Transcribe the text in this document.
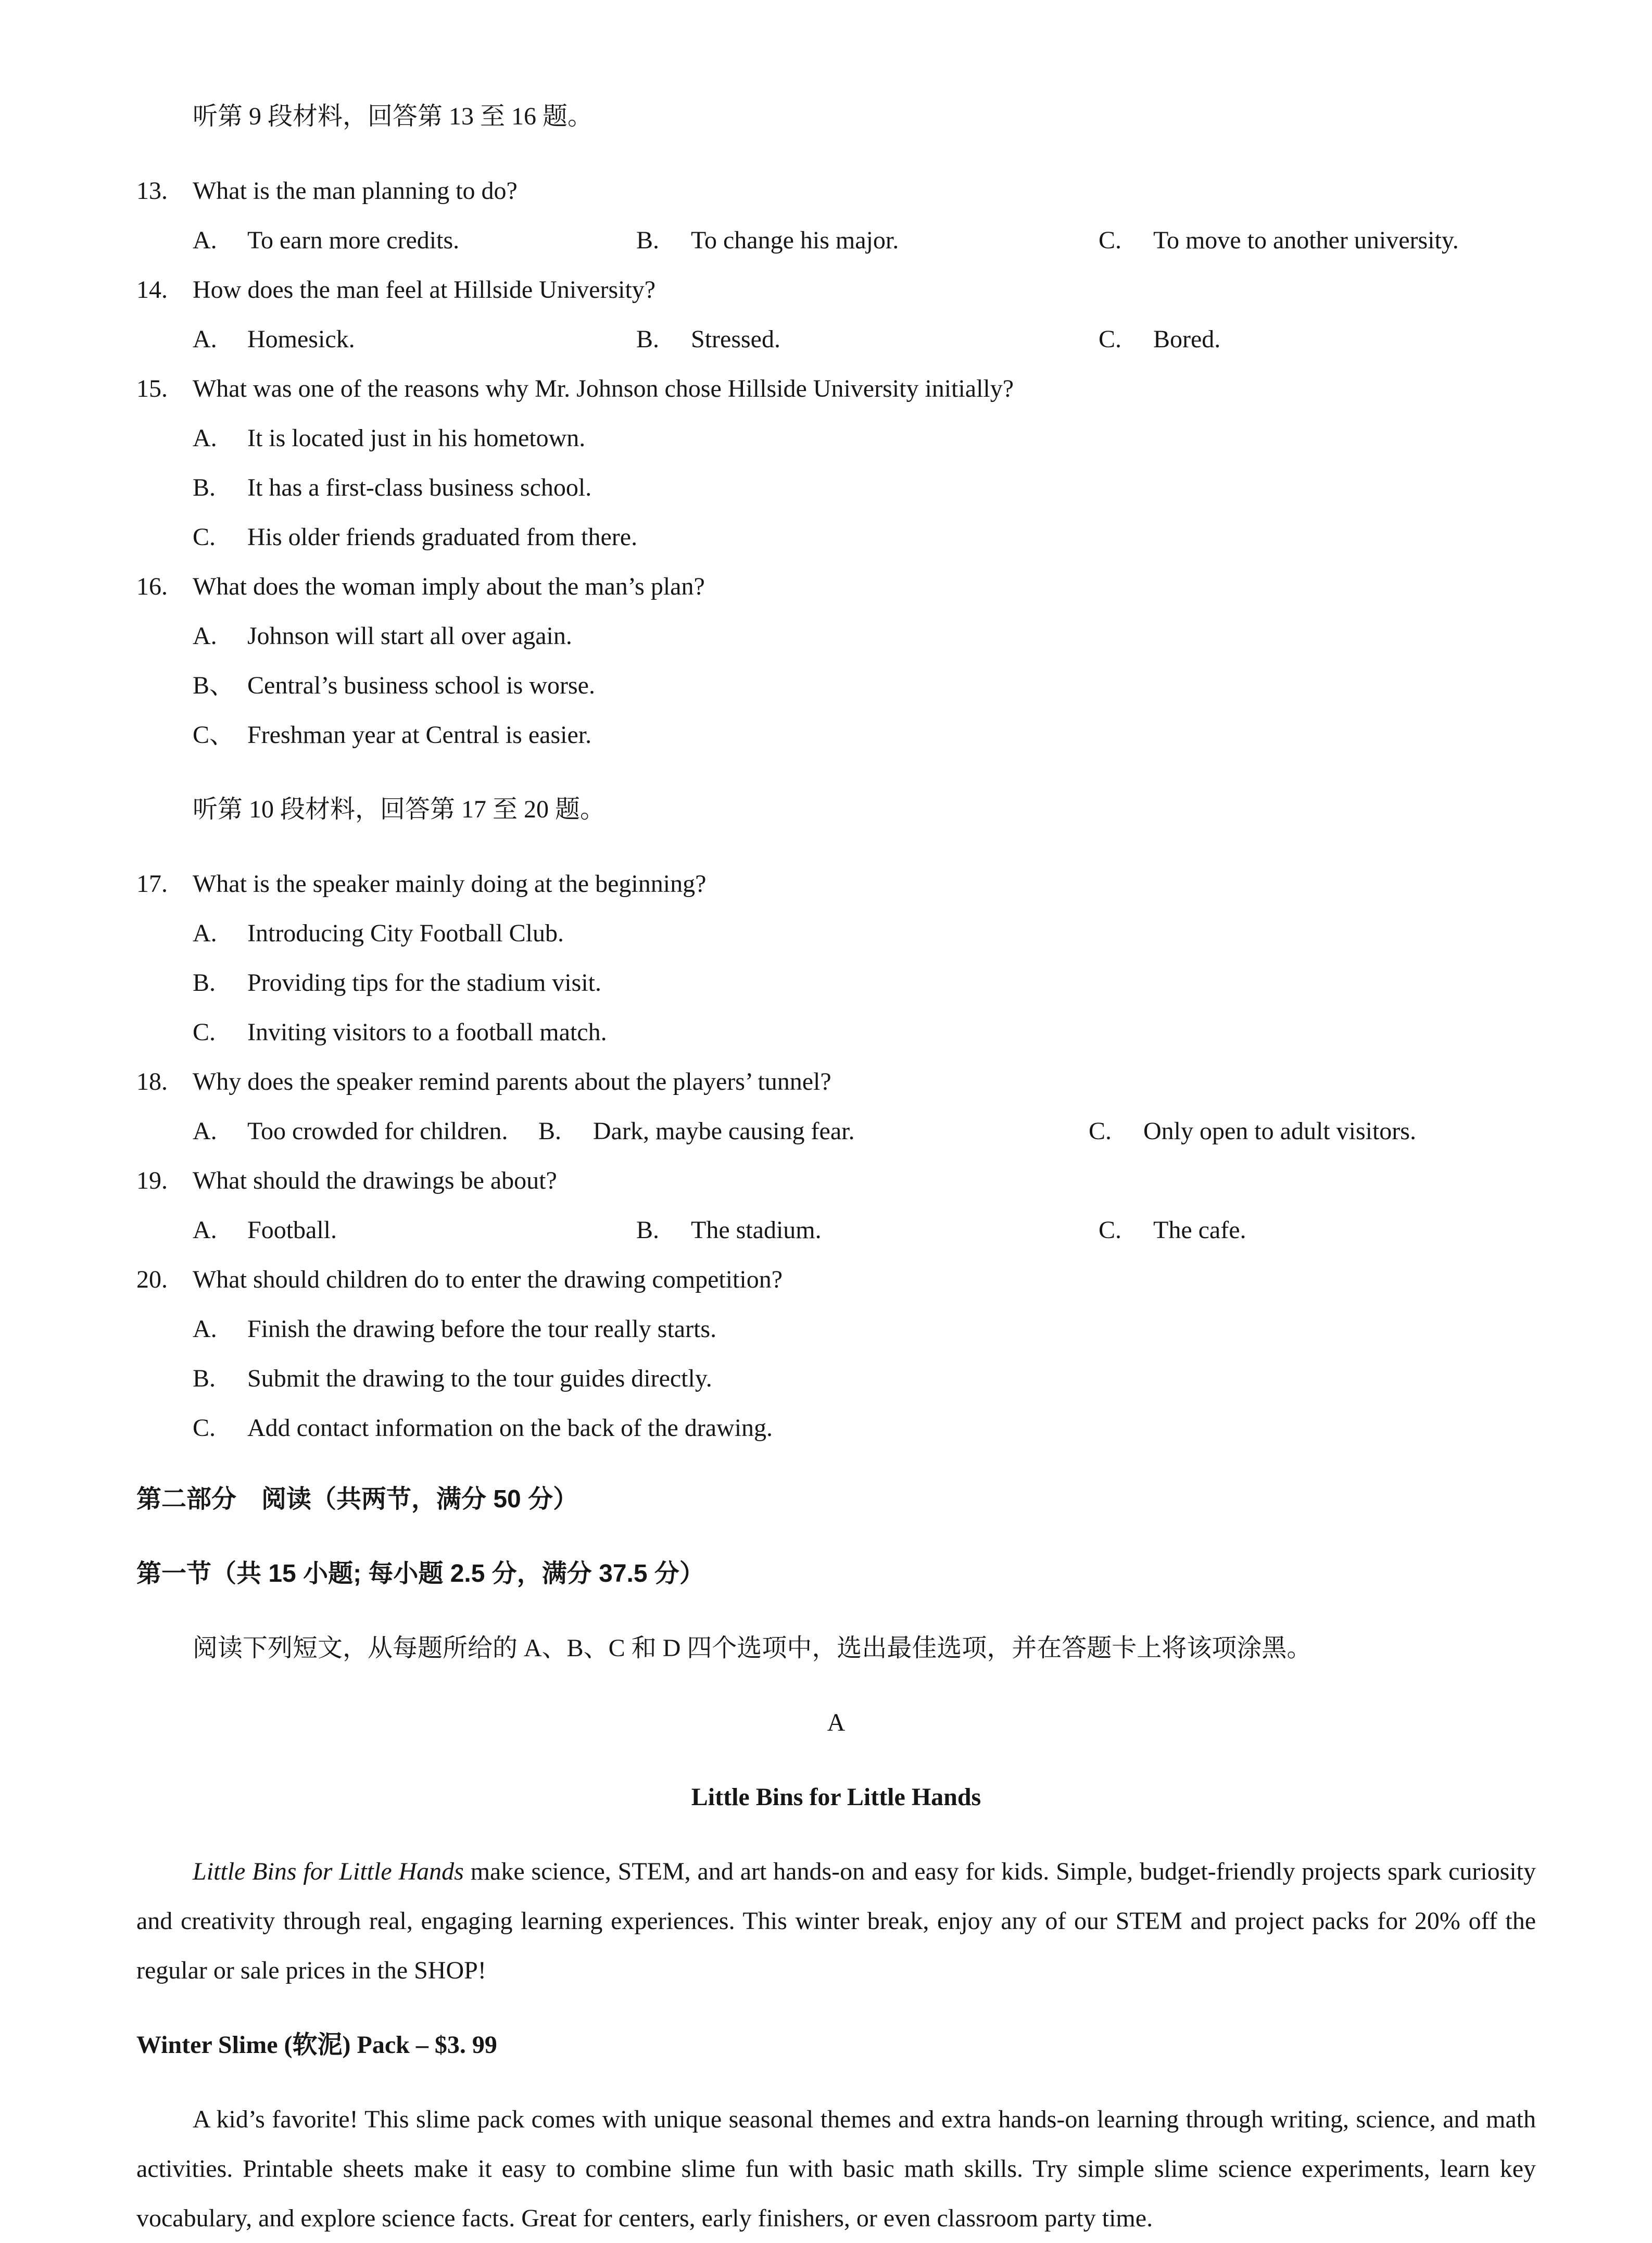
听第 9 段材料，回答第 13 至 16 题。

13.	What is the man planning to do?
A.	To earn more credits.	B.	To change his major.	C.	To move to another university.
14.	How does the man feel at Hillside University?
A.	Homesick.	B.	Stressed.	C.	Bored.
15.	What was one of the reasons why Mr. Johnson chose Hillside University initially?
A.	It is located just in his hometown.
B.	It has a first-class business school.
C.	His older friends graduated from there.
16.	What does the woman imply about the man’s plan?
A.	Johnson will start all over again.
B、 Central’s business school is worse.
C、 Freshman year at Central is easier.

听第 10 段材料，回答第 17 至 20 题。

17.	What is the speaker mainly doing at the beginning?
A.	Introducing City Football Club.
B.	Providing tips for the stadium visit.
C.	Inviting visitors to a football match.
18.	Why does the speaker remind parents about the players’ tunnel?
A.	Too crowded for children.	B.	Dark, maybe causing fear.	C.	Only open to adult visitors.
19.	What should the drawings be about?
A.	Football.	B.	The stadium.	C.	The cafe.
20.	What should children do to enter the drawing competition?
A.	Finish the drawing before the tour really starts.
B.	Submit the drawing to the tour guides directly.
C.	Add contact information on the back of the drawing.

第二部分　阅读（共两节，满分 50 分）

第一节（共 15 小题; 每小题 2.5 分，满分 37.5 分）

阅读下列短文，从每题所给的 A、B、C 和 D 四个选项中，选出最佳选项，并在答题卡上将该项涂黑。

A

Little Bins for Little Hands

Little Bins for Little Hands make science, STEM, and art hands-on and easy for kids. Simple, budget-friendly projects spark curiosity and creativity through real, engaging learning experiences. This winter break, enjoy any of our STEM and project packs for 20% off the regular or sale prices in the SHOP!

Winter Slime (软泥) Pack – $3. 99

A kid’s favorite! This slime pack comes with unique seasonal themes and extra hands-on learning through writing, science, and math activities. Printable sheets make it easy to combine slime fun with basic math skills. Try simple slime science experiments, learn key vocabulary, and explore science facts. Great for centers, early finishers, or even classroom party time.
